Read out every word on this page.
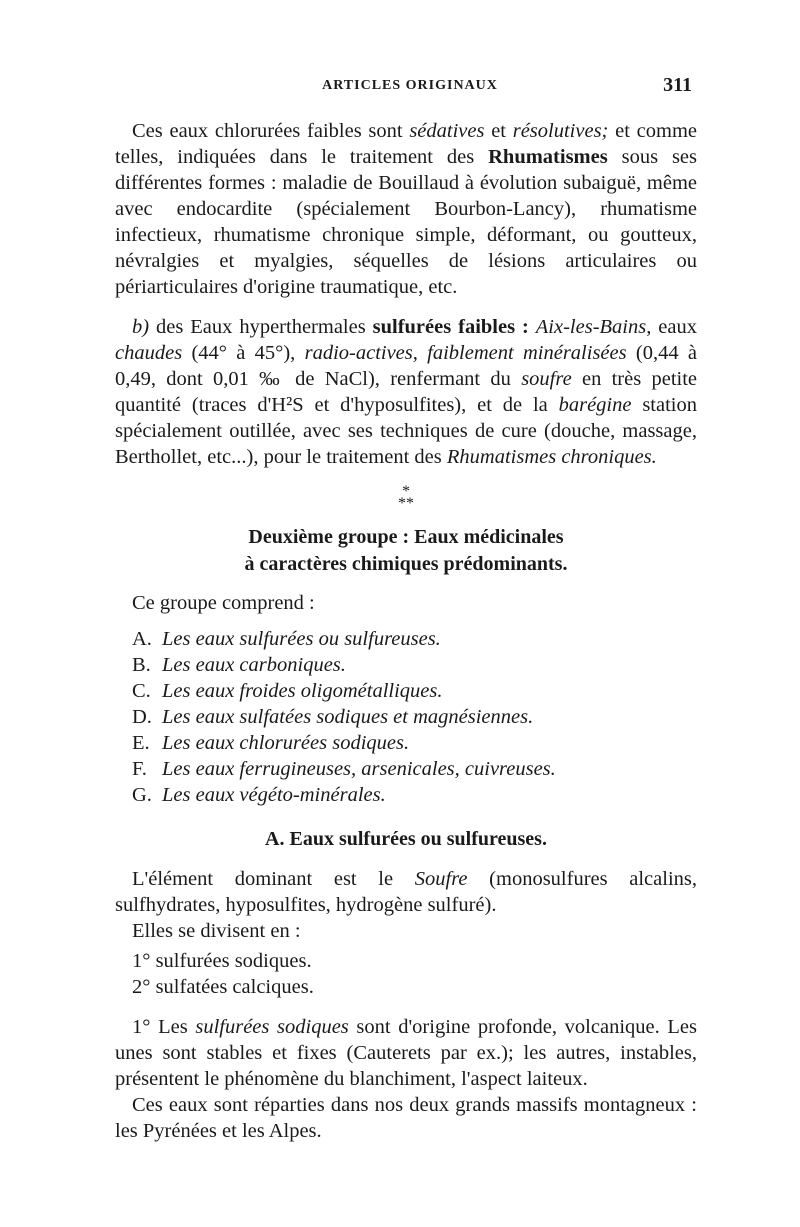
ARTICLES ORIGINAUX	311

Ces eaux chlorurées faibles sont sédatives et résolutives; et comme telles, indiquées dans le traitement des Rhumatismes sous ses différentes formes : maladie de Bouillaud à évolution subaiguë, même avec endocardite (spécialement Bourbon-Lancy), rhumatisme infectieux, rhumatisme chronique simple, déformant, ou goutteux, névralgies et myalgies, séquelles de lésions articulaires ou périarticulaires d'origine traumatique, etc.

b) des Eaux hyperthermales sulfurées faibles : Aix-les-Bains, eaux chaudes (44° à 45°), radio-actives, faiblement minéralisées (0,44 à 0,49, dont 0,01 ‰ de NaCl), renfermant du soufre en très petite quantité (traces d'H²S et d'hyposulfites), et de la barégine station spécialement outillée, avec ses techniques de cure (douche, massage, Berthollet, etc...), pour le traitement des Rhumatismes chroniques.

*
**
Deuxième groupe : Eaux médicinales
à caractères chimiques prédominants.

Ce groupe comprend :

A. Les eaux sulfurées ou sulfureuses.
B. Les eaux carboniques.
C. Les eaux froides oligométalliques.
D. Les eaux sulfatées sodiques et magnésiennes.
E. Les eaux chlorurées sodiques.
F. Les eaux ferrugineuses, arsenicales, cuivreuses.
G. Les eaux végéto-minérales.
A. Eaux sulfurées ou sulfureuses.

L'élément dominant est le Soufre (monosulfures alcalins, sulfhydrates, hyposulfites, hydrogène sulfuré).

Elles se divisent en :

1° sulfurées sodiques.

2° sulfatées calciques.

1° Les sulfurées sodiques sont d'origine profonde, volcanique. Les unes sont stables et fixes (Cauterets par ex.); les autres, instables, présentent le phénomène du blanchiment, l'aspect laiteux.

Ces eaux sont réparties dans nos deux grands massifs montagneux : les Pyrénées et les Alpes.
